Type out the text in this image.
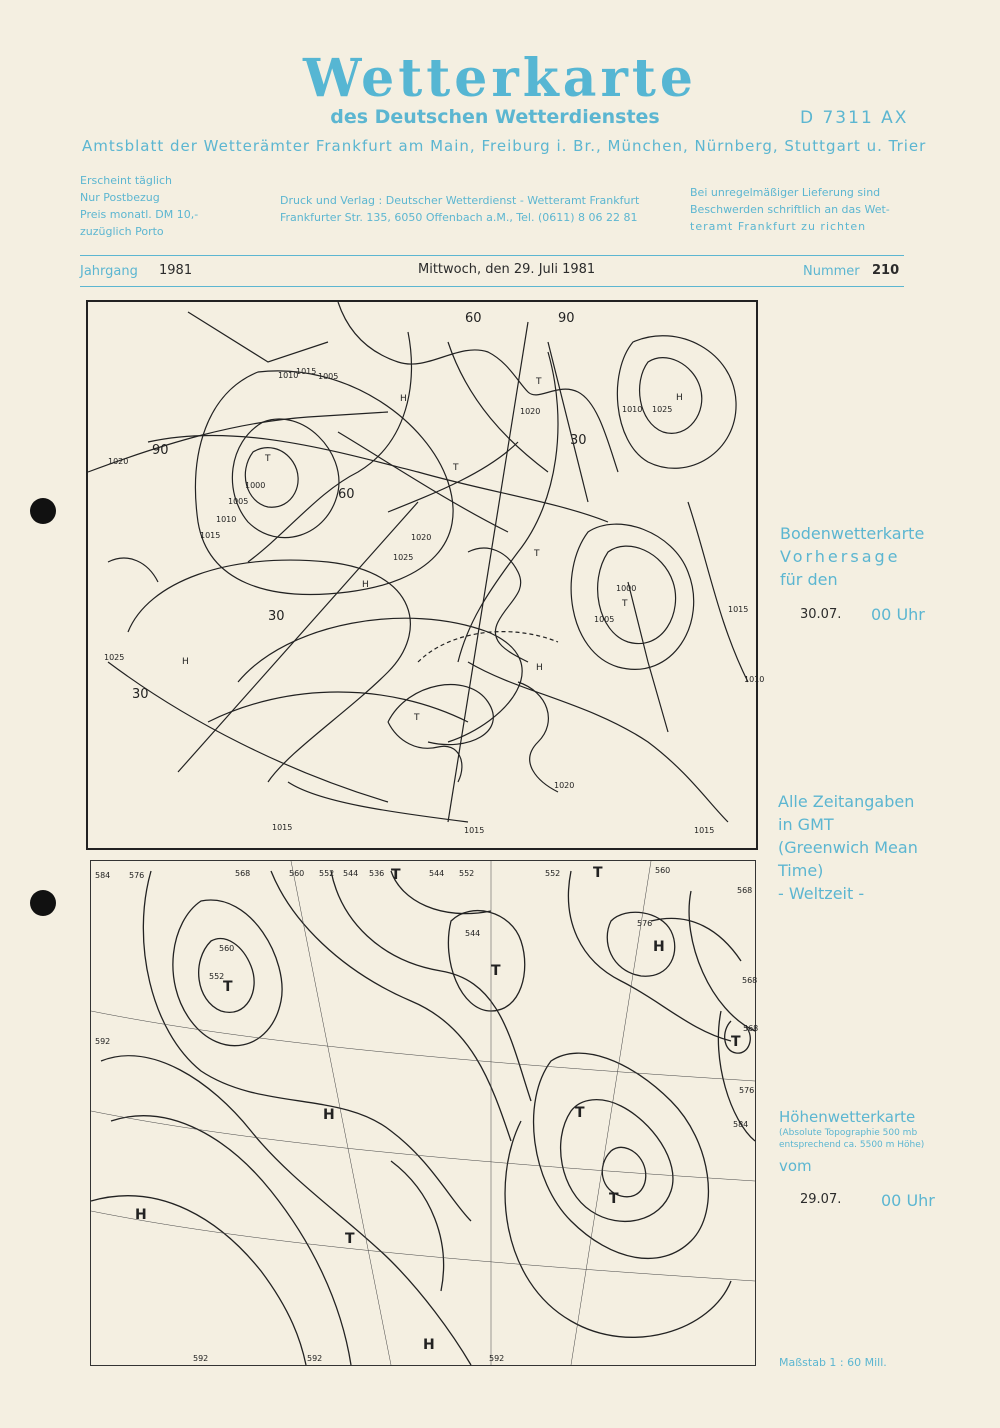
Wetterkarte
des Deutschen Wetterdienstes	D 7311 AX
Amtsblatt der Wetterämter Frankfurt am Main, Freiburg i. Br., München, Nürnberg, Stuttgart u. Trier
Erscheint täglich
Nur Postbezug
Preis monatl. DM 10,-
zuzüglich Porto
Druck und Verlag : Deutscher Wetterdienst - Wetteramt Frankfurt
Frankfurter Str. 135, 6050 Offenbach a.M., Tel. (0611) 8 06 22 81
Bei unregelmäßiger Lieferung sind
Beschwerden schriftlich an das Wet-
teramt Frankfurt zu richten
Jahrgang 1981	Mittwoch, den 29. Juli 1981	Nummer 210
1015
1010 1005
1000
1005
1010
1020
1015	1020
1025
1025
1020	1025
1000
1005
1010
1015
1010
1020
1015	1015	1015
H
H
H
H
T
T
T
T
T
T
H
90
60
30
30
60
30
90
Bodenwetterkarte
Vorhersage
für den
30.07. 00 Uhr
Alle Zeitangaben
in GMT
(Greenwich Mean
Time)
- Weltzeit -
584 576	568	560 552 544 536	544 552	552	560
568
560
552
544
592
576
568
568
576
584
592	592	592
T
T
T
T
T
H
H
H
H
T
T
T	Höhenwetterkarte
(Absolute Topographie 500 mb
entsprechend ca. 5500 m Höhe)
vom
29.07. 00 Uhr
Maßstab 1 : 60 Mill.
